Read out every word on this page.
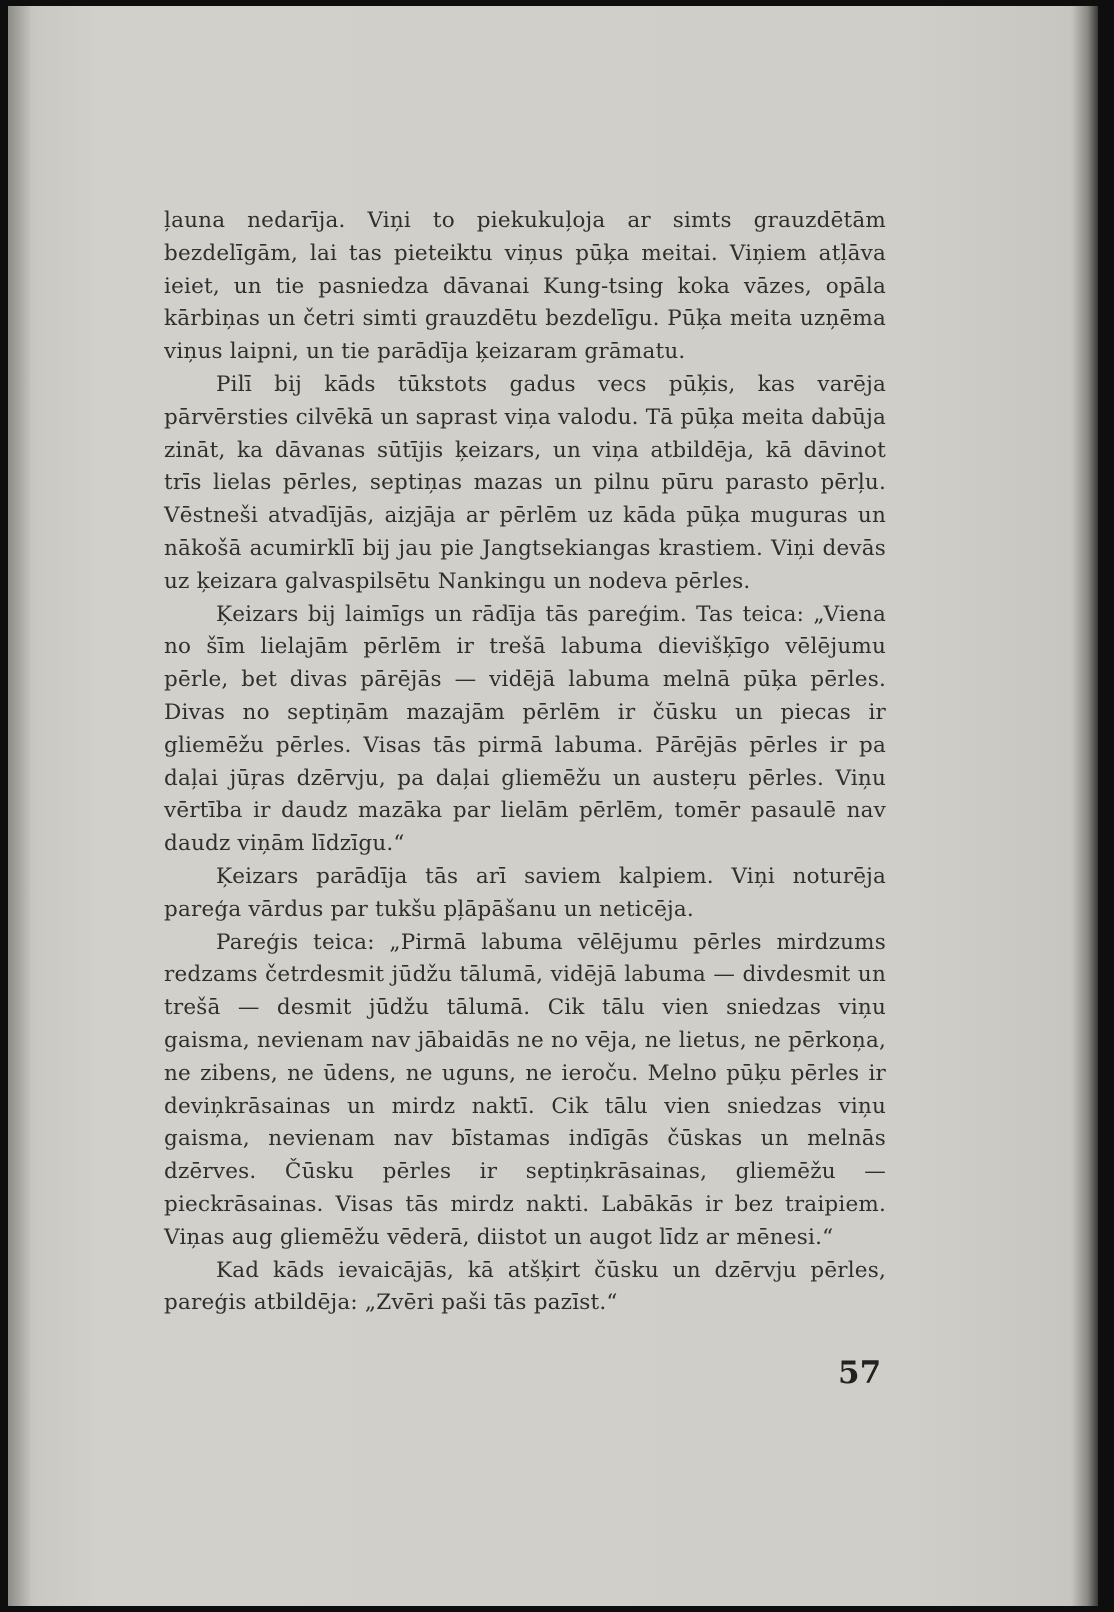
ļauna nedarīja. Viņi to piekukuļoja ar simts grauzdētām bezdelīgām, lai tas pieteiktu viņus pūķa meitai. Viņiem atļāva ieiet, un tie pasniedza dāvanai Kung-tsing koka vāzes, opāla kārbiņas un četri simti grauzdētu bezdelīgu. Pūķa meita uzņēma viņus laipni, un tie parādīja ķeizaram grāmatu.

Pilī bij kāds tūkstots gadus vecs pūķis, kas varēja pārvērsties cilvēkā un saprast viņa valodu. Tā pūķa meita dabūja zināt, ka dāvanas sūtījis ķeizars, un viņa atbildēja, kā dāvinot trīs lielas pērles, septiņas mazas un pilnu pūru parasto pērļu. Vēstneši atvadījās, aizjāja ar pērlēm uz kāda pūķa muguras un nākošā acumirklī bij jau pie Jangtsekiangas krastiem. Viņi devās uz ķeizara galvaspilsētu Nankingu un nodeva pērles.

Ķeizars bij laimīgs un rādīja tās pareģim. Tas teica: „Viena no šīm lielajām pērlēm ir trešā labuma dievišķīgo vēlējumu pērle, bet divas pārējās — vidējā labuma melnā pūķa pērles. Divas no septiņām mazajām pērlēm ir čūsku un piecas ir gliemēžu pērles. Visas tās pirmā labuma. Pārējās pērles ir pa daļai jūŗas dzērvju, pa daļai gliemēžu un austeŗu pērles. Viņu vērtība ir daudz mazāka par lielām pērlēm, tomēr pasaulē nav daudz viņām līdzīgu.“

Ķeizars parādīja tās arī saviem kalpiem. Viņi noturēja pareģa vārdus par tukšu pļāpāšanu un neticēja.

Pareģis teica: „Pirmā labuma vēlējumu pērles mirdzums redzams četrdesmit jūdžu tālumā, vidējā labuma — divdesmit un trešā — desmit jūdžu tālumā. Cik tālu vien sniedzas viņu gaisma, nevienam nav jābaidās ne no vēja, ne lietus, ne pērkoņa, ne zibens, ne ūdens, ne uguns, ne ieroču. Melno pūķu pērles ir deviņkrāsainas un mirdz naktī. Cik tālu vien sniedzas viņu gaisma, nevienam nav bīstamas indīgās čūskas un melnās dzērves. Čūsku pērles ir septiņkrāsainas, gliemēžu — pieckrāsainas. Visas tās mirdz nakti. Labākās ir bez traipiem. Viņas aug gliemēžu vēderā, diistot un augot līdz ar mēnesi.“

Kad kāds ievaicājās, kā atšķirt čūsku un dzērvju pērles, pareģis atbildēja: „Zvēri paši tās pazīst.“

57
